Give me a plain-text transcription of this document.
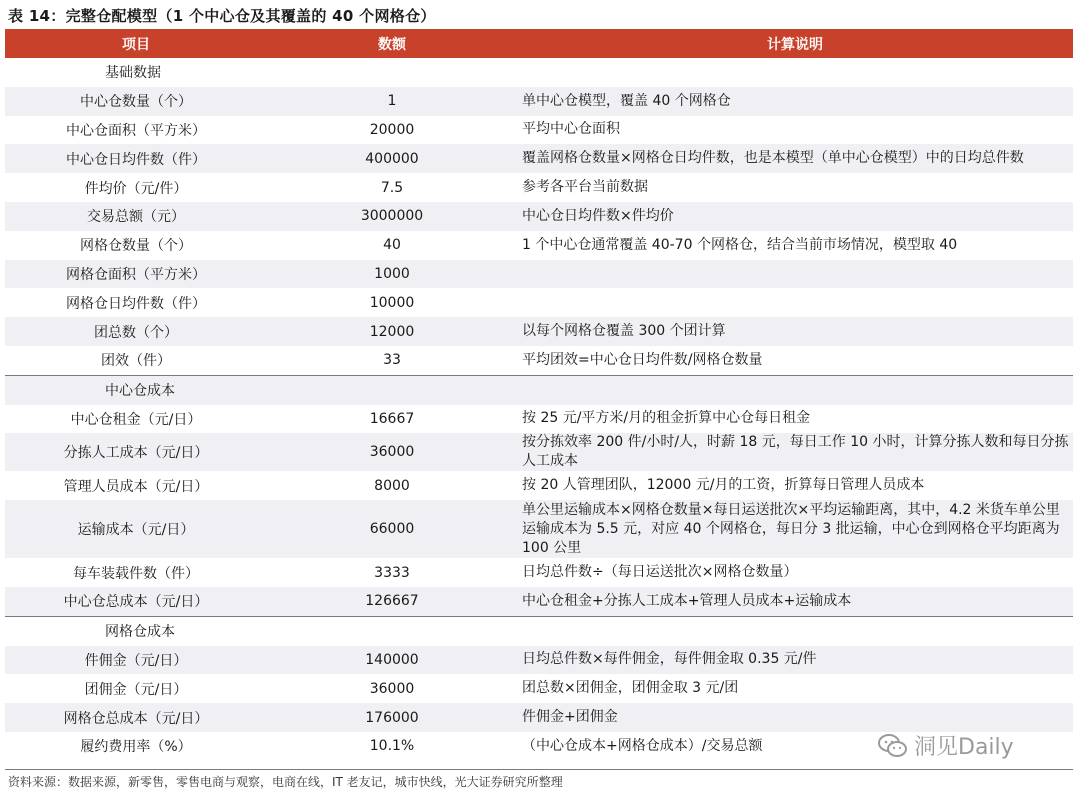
表 14：完整仓配模型（1 个中心仓及其覆盖的 40 个网格仓）
项目	数额	计算说明
基础数据		
中心仓数量（个）	1	单中心仓模型，覆盖 40 个网格仓
中心仓面积（平方米）	20000	平均中心仓面积
中心仓日均件数（件）	400000	覆盖网格仓数量×网格仓日均件数，也是本模型（单中心仓模型）中的日均总件数
件均价（元/件）	7.5	参考各平台当前数据
交易总额（元）	3000000	中心仓日均件数×件均价
网格仓数量（个）	40	1 个中心仓通常覆盖 40-70 个网格仓，结合当前市场情况，模型取 40
网格仓面积（平方米）	1000	
网格仓日均件数（件）	10000	
团总数（个）	12000	以每个网格仓覆盖 300 个团计算
团效（件）	33	平均团效=中心仓日均件数/网格仓数量
中心仓成本		
中心仓租金（元/日）	16667	按 25 元/平方米/月的租金折算中心仓每日租金
分拣人工成本（元/日）	36000	按分拣效率 200 件/小时/人，时薪 18 元，每日工作 10 小时，计算分拣人数和每日分拣人工成本
管理人员成本（元/日）	8000	按 20 人管理团队，12000 元/月的工资，折算每日管理人员成本
运输成本（元/日）	66000	单公里运输成本×网格仓数量×每日运送批次×平均运输距离，其中，4.2 米货车单公里运输成本为 5.5 元，对应 40 个网格仓，每日分 3 批运输，中心仓到网格仓平均距离为 100 公里
每车装载件数（件）	3333	日均总件数÷（每日运送批次×网格仓数量）
中心仓总成本（元/日）	126667	中心仓租金+分拣人工成本+管理人员成本+运输成本
网格仓成本		
件佣金（元/日）	140000	日均总件数×每件佣金，每件佣金取 0.35 元/件
团佣金（元/日）	36000	团总数×团佣金，团佣金取 3 元/团
网格仓总成本（元/日）	176000	件佣金+团佣金
履约费用率（%）	10.1%	（中心仓成本+网格仓成本）/交易总额
资料来源：数据来源，新零售，零售电商与观察，电商在线，IT 老友记，城市快线，光大证券研究所整理
洞见Daily
